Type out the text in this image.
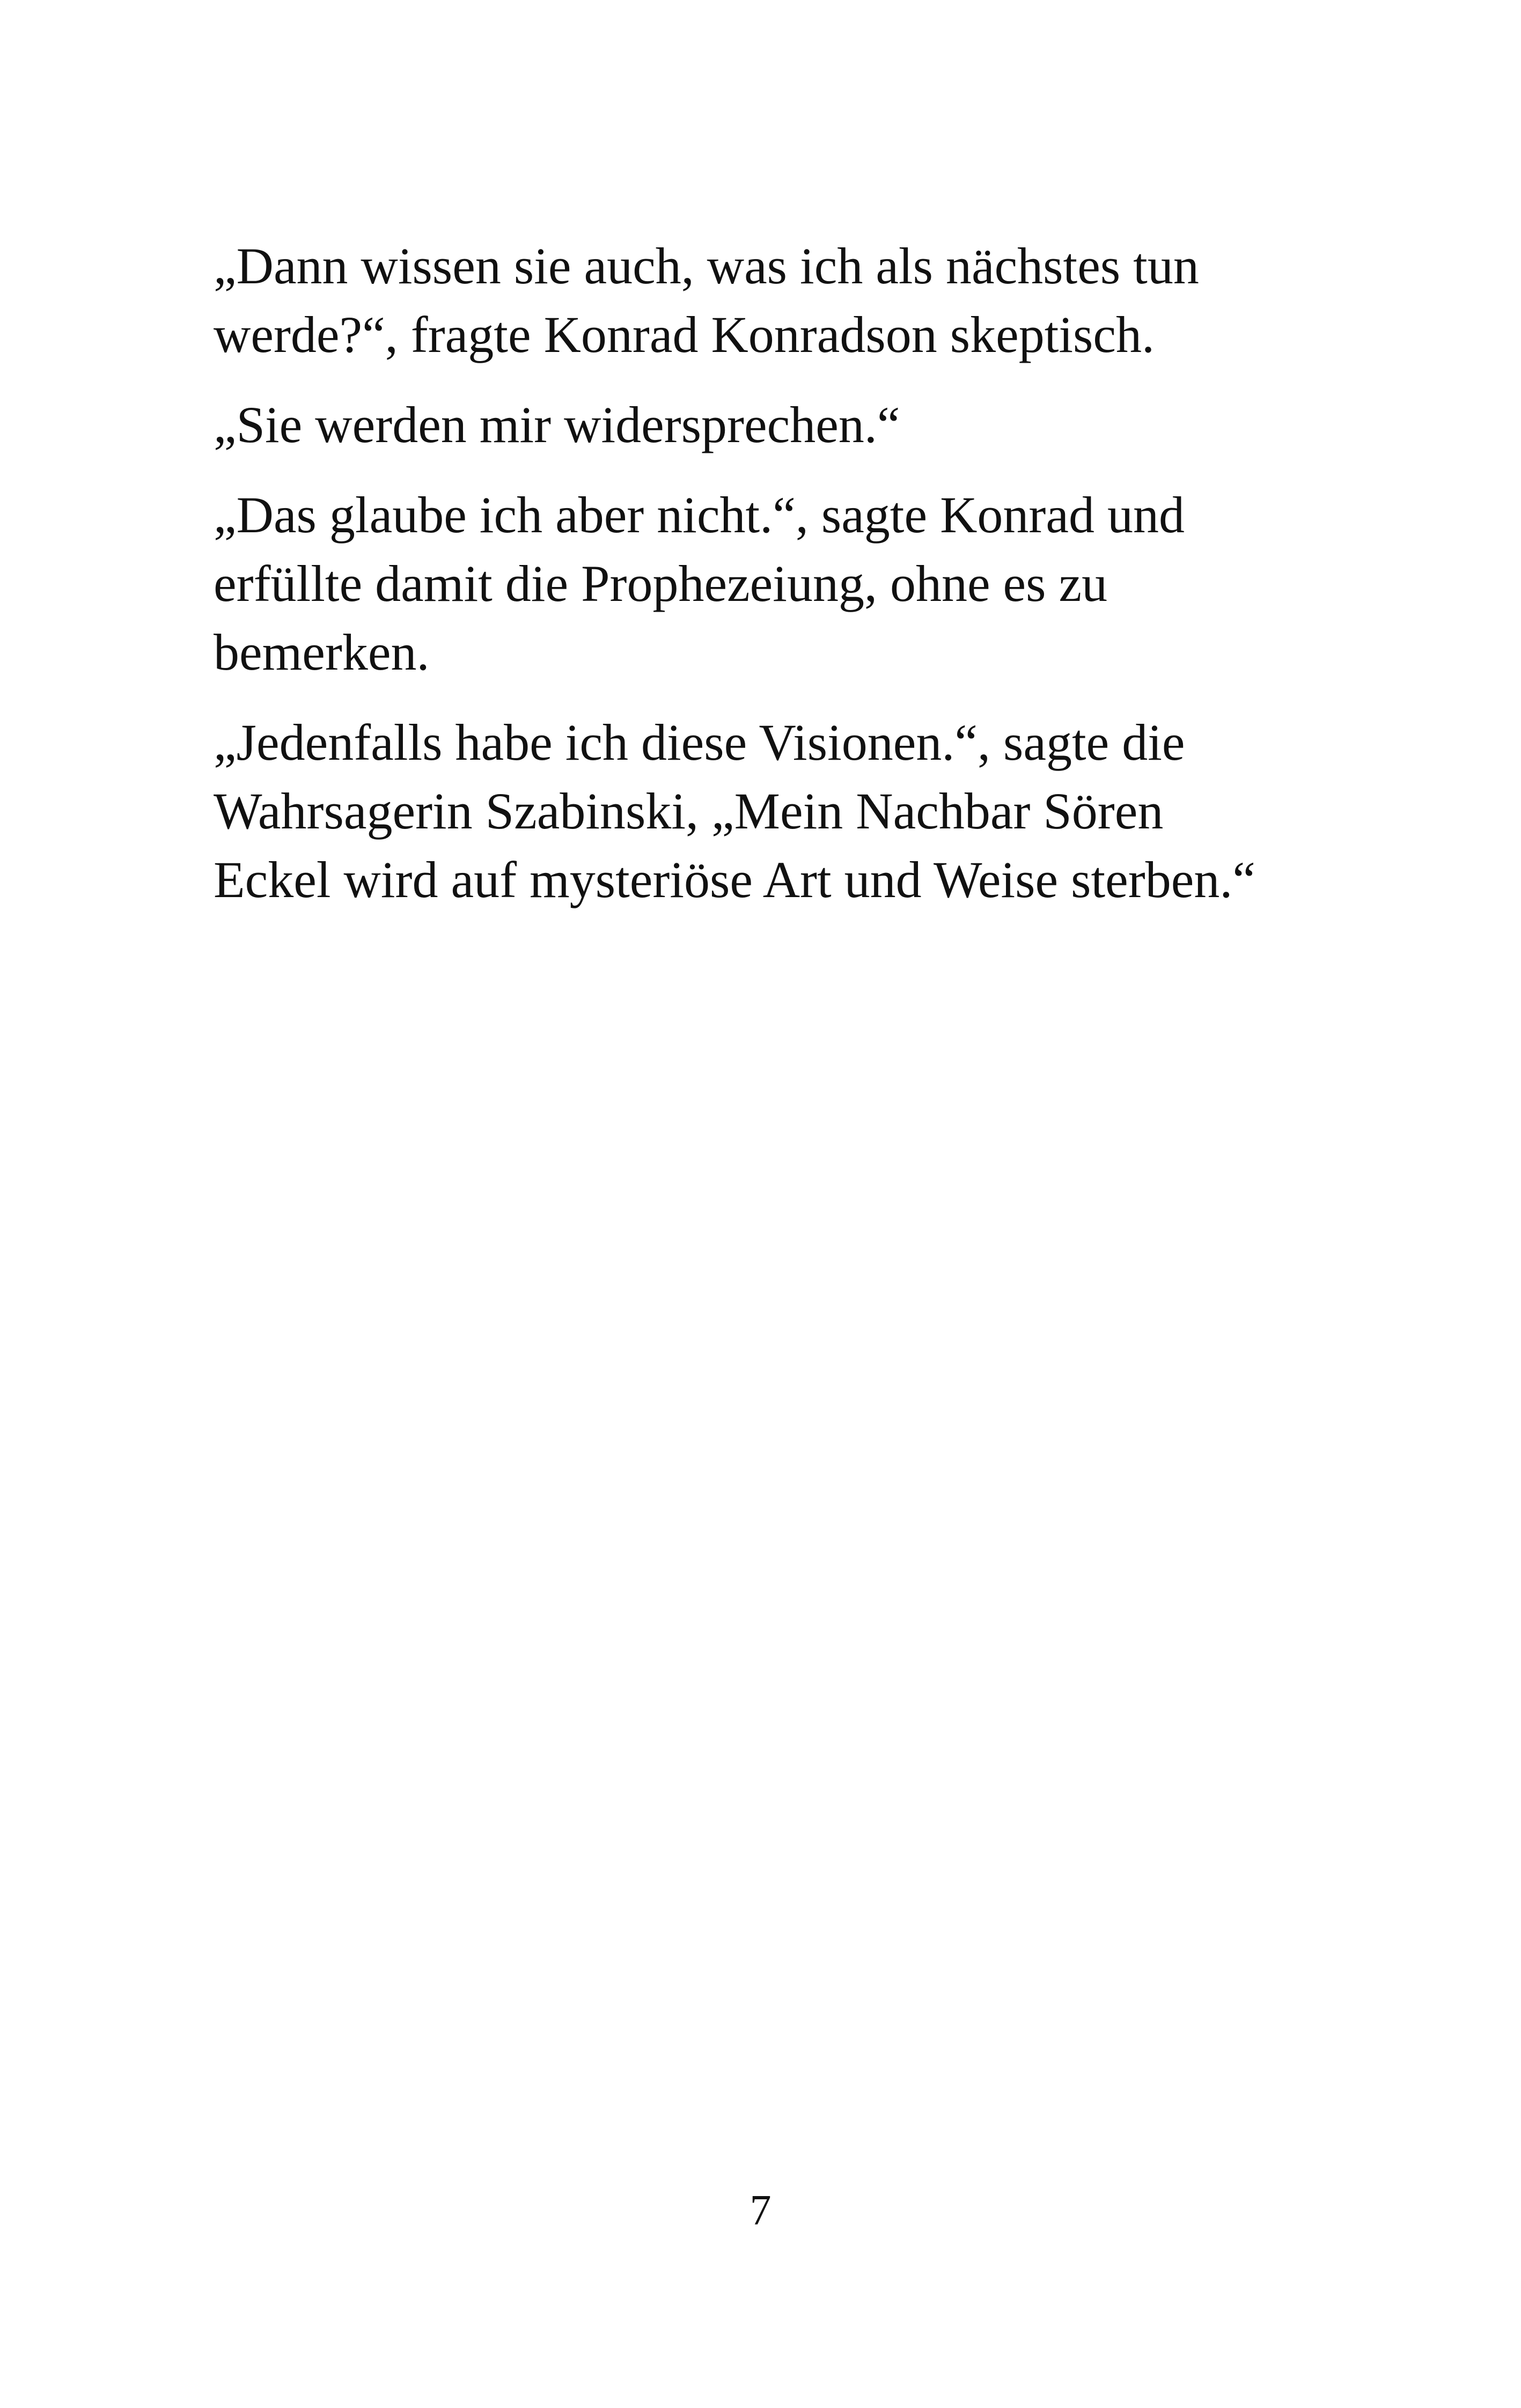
„Dann wissen sie auch, was ich als nächstes tun
werde?“, fragte Konrad Konradson skeptisch.

„Sie werden mir widersprechen.“

„Das glaube ich aber nicht.“, sagte Konrad und
erfüllte damit die Prophezeiung, ohne es zu
bemerken.

„Jedenfalls habe ich diese Visionen.“, sagte die
Wahrsagerin Szabinski, „Mein Nachbar Sören
Eckel wird auf mysteriöse Art und Weise sterben.“

7
